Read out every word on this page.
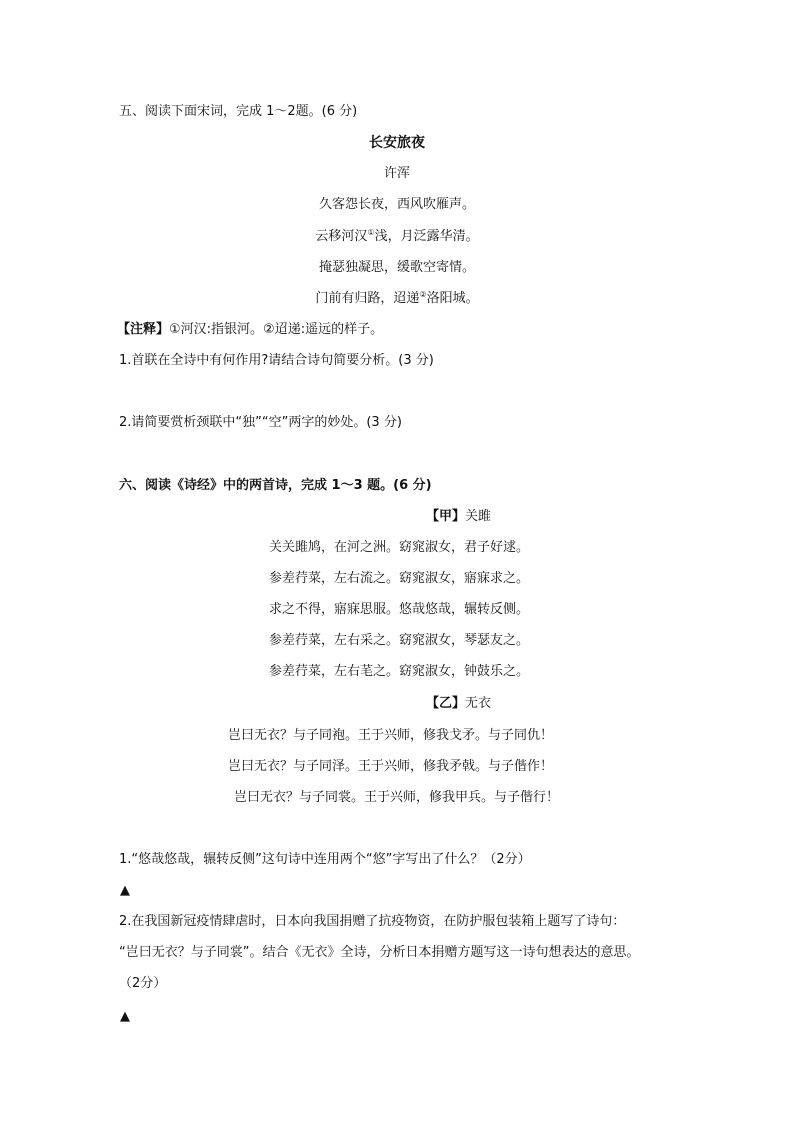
五、阅读下面宋词，完成 1～2题。(6 分)
长安旅夜
许浑
久客怨长夜，西风吹雁声。
云移河汉①浅，月泛露华清。
掩瑟独凝思，缓歌空寄情。
门前有归路，迢递②洛阳城。
【注释】①河汉:指银河。②迢递:遥远的样子。
1.首联在全诗中有何作用?请结合诗句简要分析。(3 分)
2.请简要赏析颈联中“独”“空”两字的妙处。(3 分)
六、阅读《诗经》中的两首诗，完成 1～3 题。(6 分)
【甲】关雎
关关雎鸠，在河之洲。窈窕淑女，君子好逑。
参差荇菜，左右流之。窈窕淑女，寤寐求之。
求之不得，寤寐思服。悠哉悠哉，辗转反侧。
参差荇菜，左右采之。窈窕淑女，琴瑟友之。
参差荇菜，左右芼之。窈窕淑女，钟鼓乐之。
【乙】无衣
岂曰无衣？与子同袍。王于兴师，修我戈矛。与子同仇！
岂曰无衣？与子同泽。王于兴师，修我矛戟。与子偕作！
岂曰无衣？与子同裳。王于兴师，修我甲兵。与子偕行！
1.“悠哉悠哉，辗转反侧”这句诗中连用两个“悠”字写出了什么？（2分）
▲
2.在我国新冠疫情肆虐时，日本向我国捐赠了抗疫物资，在防护服包装箱上题写了诗句：
“岂曰无衣？与子同裳”。结合《无衣》全诗，分析日本捐赠方题写这一诗句想表达的意思。
（2分）
▲
